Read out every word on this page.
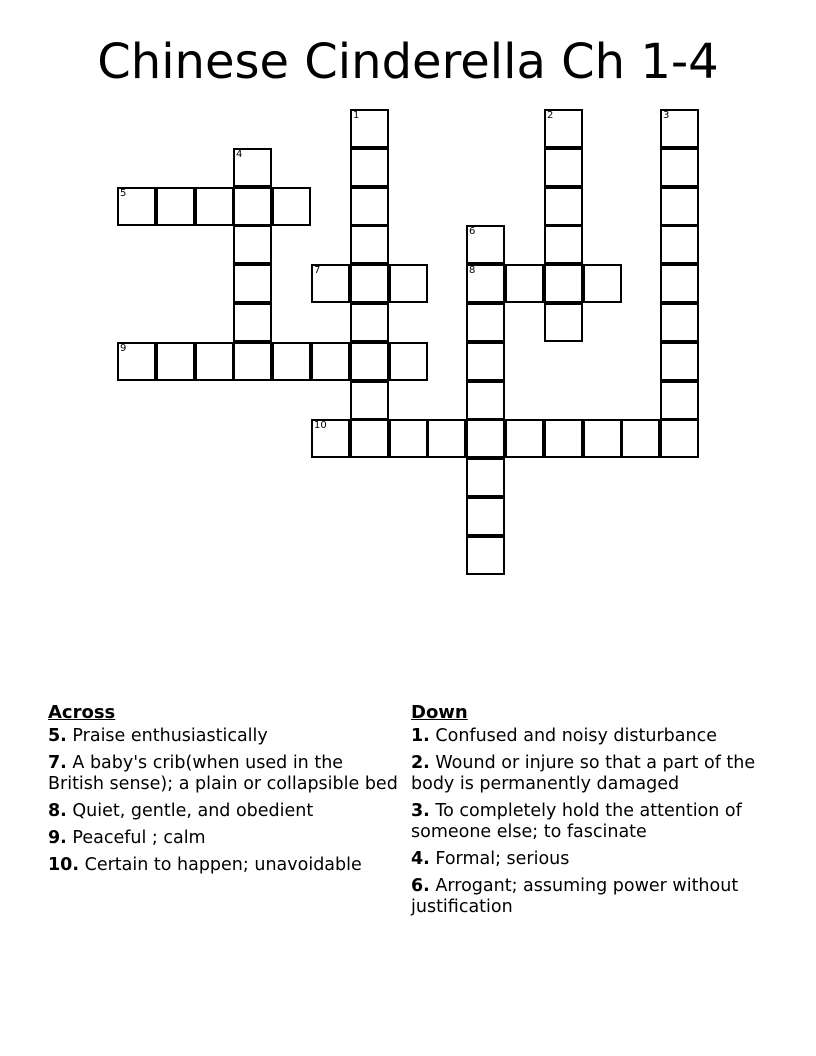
Chinese Cinderella Ch 1-4
1	2	3
4
5
6
8
7
9
10
Across
5. Praise enthusiastically
7. A baby's crib(when used in the British sense); a plain or collapsible bed
8. Quiet, gentle, and obedient
9. Peaceful ; calm
10. Certain to happen; unavoidable
Down
1. Confused and noisy disturbance
2. Wound or injure so that a part of the body is permanently damaged
3. To completely hold the attention of someone else; to fascinate
4. Formal; serious
6. Arrogant; assuming power without justification
